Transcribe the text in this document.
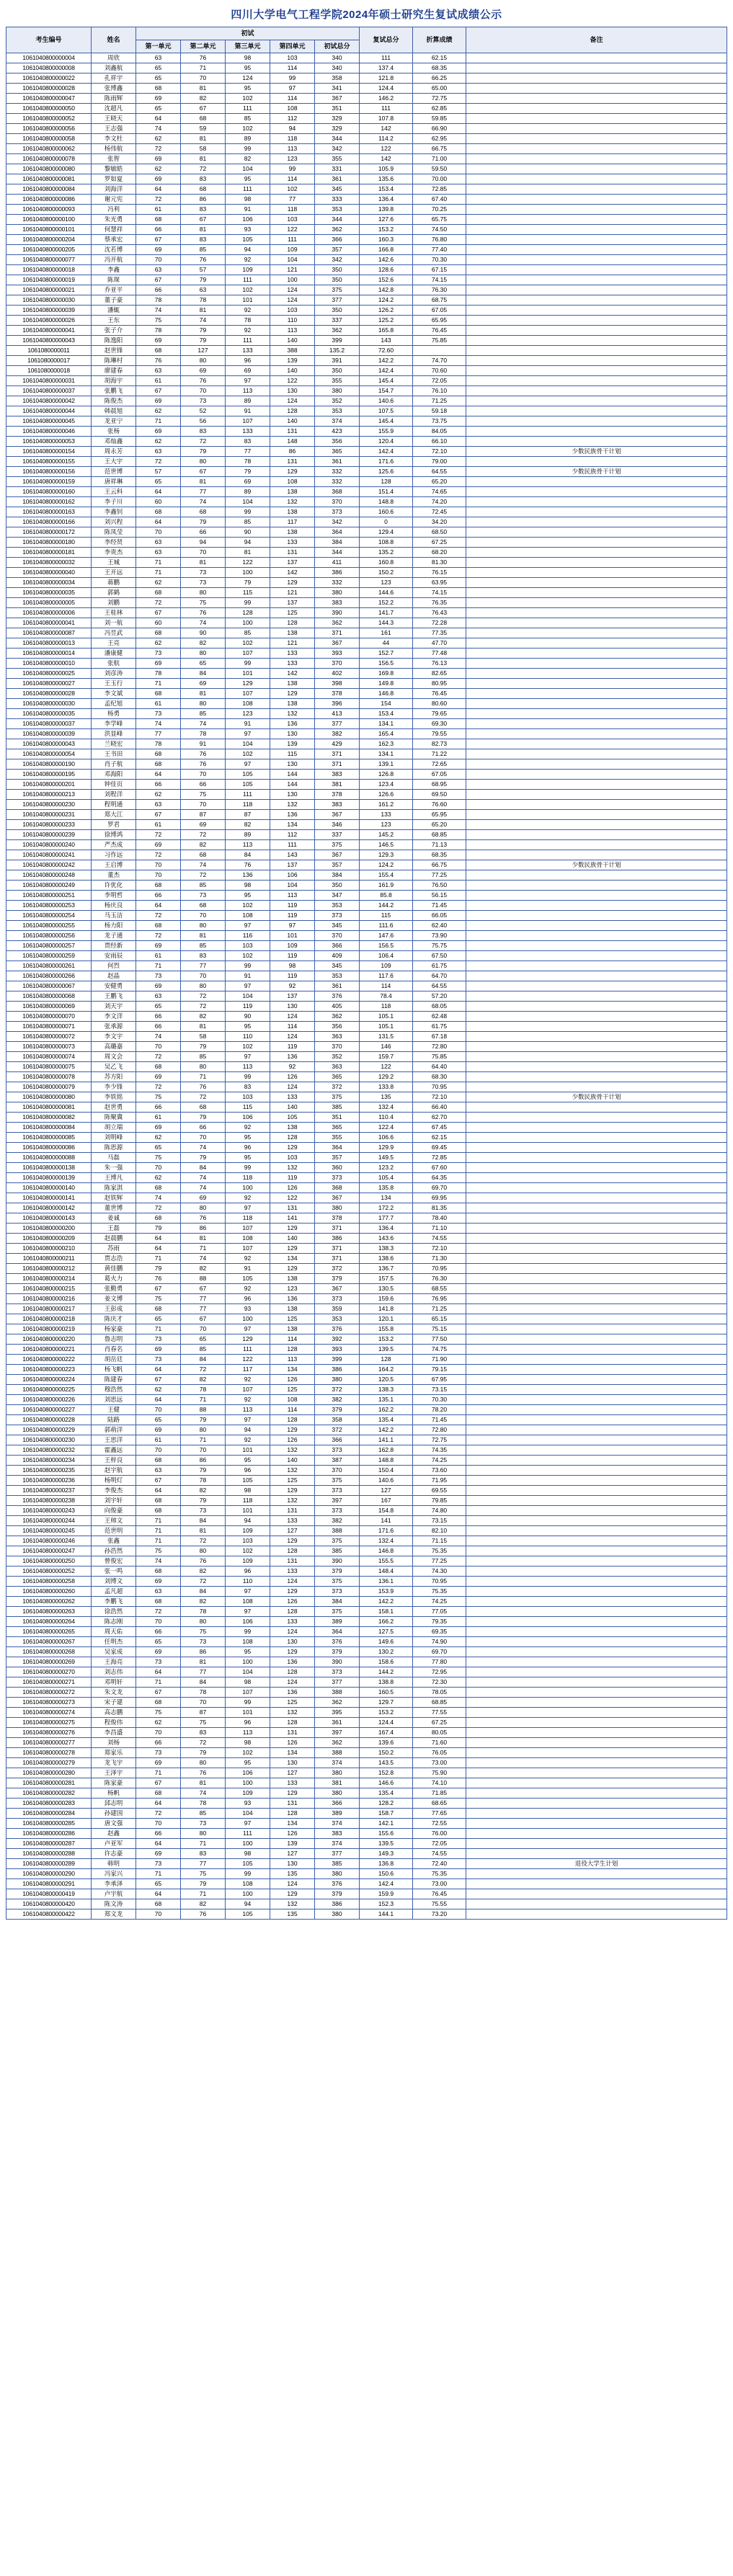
四川大学电气工程学院2024年硕士研究生复试成绩公示
考生编号	姓名	初试					复试总分	折算成绩	备注
		第一单元	第二单元	第三单元	第四单元	初试总分			
1061040800000004	周欣	63	76	98	103	340	111	62.15	
1061040800000008	刘鑫航	65	71	95	114	340	137.4	68.35	
1061040800000022	孔祥宇	65	70	124	99	358	121.8	66.25	
1061040800000028	张博鑫	68	81	95	97	341	124.4	65.00	
1061040800000047	陈雨辉	69	82	102	114	367	146.2	72.75	
1061040800000050	沈超凡	65	67	111	108	351	111	62.85	
1061040800000052	王晓天	64	68	85	112	329	107.8	59.85	
1061040800000056	王志强	74	59	102	94	329	142	66.90	
1061040800000058	李文杜	62	81	89	118	344	114.2	62.95	
1061040800000062	杨伟航	72	58	99	113	342	122	66.75	
1061040800000078	张智	69	81	82	123	355	142	71.00	
1061040800000080	黎敏皓	62	72	104	99	331	105.9	59.50	
1061040800000081	罗如夏	69	83	95	114	361	135.6	70.00	
1061040800000084	刘海洋	64	68	111	102	345	153.4	72.85	
1061040800000086	谢元宪	72	86	98	77	333	136.4	67.40	
1061040800000093	冯利	61	83	91	118	353	139.8	70.25	
1061040800000100	朱光勇	68	67	106	103	344	127.6	65.75	
1061040800000101	何慧祥	66	81	93	122	362	153.2	74.50	
1061040800000204	蔡承宏	67	83	105	111	366	160.3	76.80	
1061040800000205	沈若博	69	85	94	109	357	166.8	77.40	
1061040800000077	冯开航	70	76	92	104	342	142.6	70.30	
1061040800000018	李鑫	63	57	109	121	350	128.6	67.15	
1061040800000019	陈琛	67	79	111	100	350	152.6	74.15	
1061040800000021	乔亚平	66	63	102	124	375	142.8	76.30	
1061040800000030	董子豪	78	78	101	124	377	124.2	68.75	
1061040800000039	潘辄	74	81	92	103	350	126.2	67.05	
1061040800000026	王东	75	74	78	110	337	125.2	65.95	
1061040800000041	张子介	78	79	92	113	362	165.8	76.45	
1061040800000043	陈逸阳	69	79	111	140	399	143	75.85	
1061080000011	赵世锋	68	127	133	388	135.2	72.60		
1061080000017	陈琳村	76	80	96	139	391	142.2	74.70	
1061080000018	廖建春	63	69	69	140	350	142.4	70.60	
1061040800000031	胡海宇	61	76	97	122	355	145.4	72.05	
1061040800000037	张鹏飞	67	70	113	130	380	154.7	76.10	
1061040800000042	陈俊杰	69	73	89	124	352	140.6	71.25	
1061040800000044	韩晨旭	62	52	91	128	353	107.5	59.18	
1061040800000045	龙亚宁	71	56	107	140	374	145.4	73.75	
1061040800000046	张杨	69	83	133	131	423	155.9	84.05	
1061040800000053	邓灿鑫	62	72	83	148	356	120.4	66.10	
1061040800000154	周永芳	63	79	77	86	365	142.4	72.10	少数民族骨干计划
1061040800000155	王大宇	72	80	78	131	361	171.6	79.00	
1061040800000156	范世博	57	67	79	129	332	125.6	64.55	少数民族骨干计划
1061040800000159	唐祥琳	65	81	69	108	332	128	65.20	
1061040800000160	王云科	64	77	89	138	368	151.4	74.65	
1061040800000162	李子川	60	74	104	132	370	148.8	74.20	
1061040800000163	李鑫钊	68	68	99	138	373	160.6	72.45	
1061040800000166	刘兴程	64	79	85	117	342	0	34.20	
1061040800000172	陈凤莹	70	66	90	138	364	129.4	68.50	
1061040800000180	李经贤	63	94	94	133	384	108.8	67.25	
1061040800000181	李贵杰	63	70	81	131	344	135.2	68.20	
1061040800000032	王城	71	81	122	137	411	160.8	81.30	
1061040800000040	王开远	71	73	100	142	386	150.2	76.15	
1061040800000034	蒋鹏	62	73	79	129	332	123	63.95	
1061040800000035	郭鹤	68	80	115	121	380	144.6	74.15	
1061040800000005	刘鹏	72	75	99	137	383	152.2	76.35	
1061040800000006	王桂林	67	76	128	125	390	141.7	76.43	
1061040800000041	刘一航	60	74	100	128	362	144.3	72.28	
1061040800000087	冯昱武	68	90	85	138	371	161	77.35	
1061040800000013	王亮	62	82	102	121	367	44	47.70	
1061040800000014	潘康健	73	80	107	133	393	152.7	77.48	
1061040800000010	张航	69	65	99	133	370	156.5	76.13	
1061040800000025	刘彦涛	78	84	101	142	402	169.8	82.65	
1061040800000027	王玉行	71	69	129	138	398	149.8	80.95	
1061040800000028	李文斌	68	81	107	129	378	146.8	76.45	
1061040800000030	孟纪旭	61	80	108	138	396	154	80.60	
1061040800000035	杨勇	73	85	123	132	413	153.4	79.65	
1061040800000037	李学峰	74	74	91	136	377	134.1	69.30	
1061040800000039	洪显峰	77	78	97	130	382	165.4	79.55	
1061040800000043	兰晓宏	78	91	104	139	429	162.3	82.73	
1061040800000054	王书田	68	76	102	115	371	134.1	71.22	
1061040800000190	肖子航	68	76	97	130	371	139.1	72.65	
1061040800000195	邓海阳	64	70	105	144	383	126.8	67.05	
1061040800000201	钟佳页	66	66	105	144	381	123.4	68.95	
1061040800000213	刘程洋	62	75	111	130	378	126.6	69.50	
1061040800000230	程明通	63	70	118	132	383	161.2	76.60	
1061040800000231	郑大江	67	87	87	136	367	133	65.95	
1061040800000233	罗君	61	69	82	134	346	123	65.20	
1061040800000239	徐博鸿	72	72	89	112	337	145.2	68.85	
1061040800000240	严杰成	69	82	113	111	375	146.5	71.13	
1061040800000241	习作远	72	68	84	143	367	129.3	68.35	
1061040800000242	王启博	70	74	76	137	357	124.2	66.75	少数民族骨干计划
1061040800000248	董杰	70	72	136	106	384	155.4	77.25	
1061040800000249	许优化	68	85	98	104	350	161.9	76.50	
1061040800000251	李明哲	66	73	95	113	347	85.8	56.15	
1061040800000253	杨庆良	64	68	102	119	353	144.2	71.45	
1061040800000254	马玉洁	72	70	108	119	373	115	66.05	
1061040800000255	杨力阳	68	80	97	97	345	111.6	62.40	
1061040800000256	龙子通	72	81	116	101	370	147.6	73.90	
1061040800000257	贾经新	69	85	103	109	366	156.5	75.75	
1061040800000259	安雨辰	61	83	102	119	409	106.4	67.50	
1061040800000261	何烈	71	77	99	98	345	109	61.75	
1061040800000266	赵晶	73	70	91	119	353	117.6	64.70	
1061040800000067	安健勇	69	80	97	92	361	114	64.55	
1061040800000068	王鹏飞	63	72	104	137	376	78.4	57.20	
1061040800000069	刘天宇	65	72	119	130	405	118	68.05	
1061040800000070	李文洋	66	82	90	124	362	105.1	62.48	
1061040800000071	张承源	66	81	95	114	356	105.1	61.75	
1061040800000072	李文宇	74	58	110	124	363	131.5	67.18	
1061040800000073	高璐嘉	70	79	102	119	370	146	72.80	
1061040800000074	周文会	72	85	97	136	352	159.7	75.85	
1061040800000075	吴乙飞	68	80	113	92	363	122	64.40	
1061040800000078	苏方阳	69	71	99	126	365	129.2	68.30	
1061040800000079	李少锋	72	76	83	124	372	133.8	70.95	
1061040800000080	李铁铭	75	72	103	133	375	135	72.10	少数民族骨干计划
1061040800000081	赵世勇	66	68	115	140	385	132.4	66.40	
1061040800000082	陈聚冀	61	79	106	105	351	110.4	62.70	
1061040800000084	胡立瑞	69	66	92	138	365	122.4	67.45	
1061040800000085	刘明峰	62	70	95	128	355	106.6	62.15	
1061040800000086	陈思源	65	74	96	129	364	129.9	69.45	
1061040800000088	马磊	75	79	95	103	357	149.5	72.85	
1061040800000138	朱一强	70	84	99	132	360	123.2	67.60	
1061040800000139	王博凡	62	74	118	119	373	105.4	64.35	
1061040800000140	陈家淇	68	74	100	126	368	135.8	69.70	
1061040800000141	赵铁辉	74	69	92	122	367	134	69.95	
1061040800000142	董世博	72	80	97	131	380	172.2	81.35	
1061040800000143	姜诚	68	76	118	141	378	177.7	78.40	
1061040800000200	王磊	79	86	107	129	371	136.4	71.10	
1061040800000209	赵晨鹏	64	81	108	140	386	143.6	74.55	
1061040800000210	苏雨	64	71	107	129	371	138.3	72.10	
1061040800000211	贾志浩	71	74	92	134	371	138.6	71.30	
1061040800000212	黄佳鹏	79	82	91	129	372	136.7	70.95	
1061040800000214	葛火力	76	88	105	138	379	157.5	76.30	
1061040800000215	张勤勇	67	67	92	123	367	130.5	68.55	
1061040800000216	姜文博	75	77	96	136	373	159.6	76.95	
1061040800000217	王彭成	68	77	93	138	359	141.8	71.25	
1061040800000218	陈庆才	65	67	100	125	353	120.1	65.15	
1061040800000219	杨家豪	71	70	97	138	376	155.8	75.15	
1061040800000220	鲁志明	73	65	129	114	392	153.2	77.50	
1061040800000221	肖春名	69	85	111	128	393	139.5	74.75	
1061040800000222	胡岳廷	73	84	122	113	399	128	71.90	
1061040800000223	杨飞帆	64	72	117	134	386	164.2	79.15	
1061040800000224	陈建春	67	82	92	126	380	120.5	67.95	
1061040800000225	穆浩然	62	78	107	125	372	138.3	73.15	
1061040800000226	刘思远	64	71	92	108	382	135.1	70.30	
1061040800000227	王健	70	88	113	114	379	162.2	78.20	
1061040800000228	陆路	65	79	97	128	358	135.4	71.45	
1061040800000229	郭萌洋	69	80	94	129	372	142.2	72.80	
1061040800000230	王思洋	61	71	92	126	366	141.1	72.75	
1061040800000232	霍鑫远	70	70	101	132	373	162.8	74.35	
1061040800000234	王梓良	68	86	95	140	387	148.8	74.25	
1061040800000235	赵宇航	63	79	96	132	370	150.4	73.60	
1061040800000236	杨明灯	67	78	105	125	375	140.6	71.95	
1061040800000237	李俊杰	64	82	98	129	373	127	69.55	
1061040800000238	刘宇轩	68	79	118	132	397	167	79.85	
1061040800000243	向俊豪	68	73	101	131	373	154.8	74.80	
1061040800000244	王帅文	71	84	94	133	382	141	73.15	
1061040800000245	范世明	71	81	109	127	388	171.6	82.10	
1061040800000246	张鑫	71	72	103	129	375	132.4	71.15	
1061040800000247	孙浩然	75	80	102	128	385	146.8	75.35	
1061040800000250	曾俊宏	74	76	109	131	390	155.5	77.25	
1061040800000252	张一鸣	68	82	96	133	379	148.4	74.30	
1061040800000258	刘博文	69	72	110	124	375	136.1	70.95	
1061040800000260	孟凡超	63	84	97	129	373	153.9	75.35	
1061040800000262	李鹏飞	68	82	108	126	384	142.2	74.25	
1061040800000263	徐浩然	72	78	97	128	375	158.1	77.05	
1061040800000264	陈志刚	70	80	106	133	389	166.2	79.35	
1061040800000265	周天佑	66	75	99	124	364	127.5	69.35	
1061040800000267	任明杰	65	73	108	130	376	149.6	74.90	
1061040800000268	吴家成	69	86	95	129	379	130.2	69.70	
1061040800000269	王海亮	73	81	100	136	390	158.6	77.80	
1061040800000270	刘志伟	64	77	104	128	373	144.2	72.95	
1061040800000271	邓明轩	71	84	98	124	377	138.8	72.30	
1061040800000272	朱文龙	67	78	107	136	388	160.5	78.05	
1061040800000273	宋子建	68	70	99	125	362	129.7	68.85	
1061040800000274	高志鹏	75	87	101	132	395	153.2	77.55	
1061040800000275	程俊伟	62	75	96	128	361	124.4	67.25	
1061040800000276	李昌盛	70	83	113	131	397	167.4	80.05	
1061040800000277	刘杨	66	72	98	126	362	139.6	71.60	
1061040800000278	郑家乐	73	79	102	134	388	150.2	76.05	
1061040800000279	龙飞宇	69	80	95	130	374	143.5	73.00	
1061040800000280	王泽宇	71	76	106	127	380	152.8	75.90	
1061040800000281	陈家豪	67	81	100	133	381	146.6	74.10	
1061040800000282	杨帆	68	74	109	129	380	135.4	71.85	
1061040800000283	邱志明	64	78	93	131	366	128.2	68.65	
1061040800000284	孙建国	72	85	104	128	389	158.7	77.65	
1061040800000285	唐文强	70	73	97	134	374	142.1	72.55	
1061040800000286	赵鑫	66	80	111	126	383	155.6	76.00	
1061040800000287	卢亚军	64	71	100	139	374	139.5	72.05	
1061040800000288	许志豪	69	83	98	127	377	149.3	74.55	
1061040800000289	韩明	73	77	105	130	385	136.8	72.40	退役大学生计划
1061040800000290	冯家兴	71	75	99	135	380	150.6	75.35	
1061040800000291	李承泽	65	79	108	124	376	142.4	73.00	
1061040800000419	卢宇航	64	71	100	129	379	159.9	76.45	
1061040800000420	陈文涛	68	82	94	132	386	152.3	75.55	
1061040800000422	郑文龙	70	76	105	135	380	144.1	73.20	
